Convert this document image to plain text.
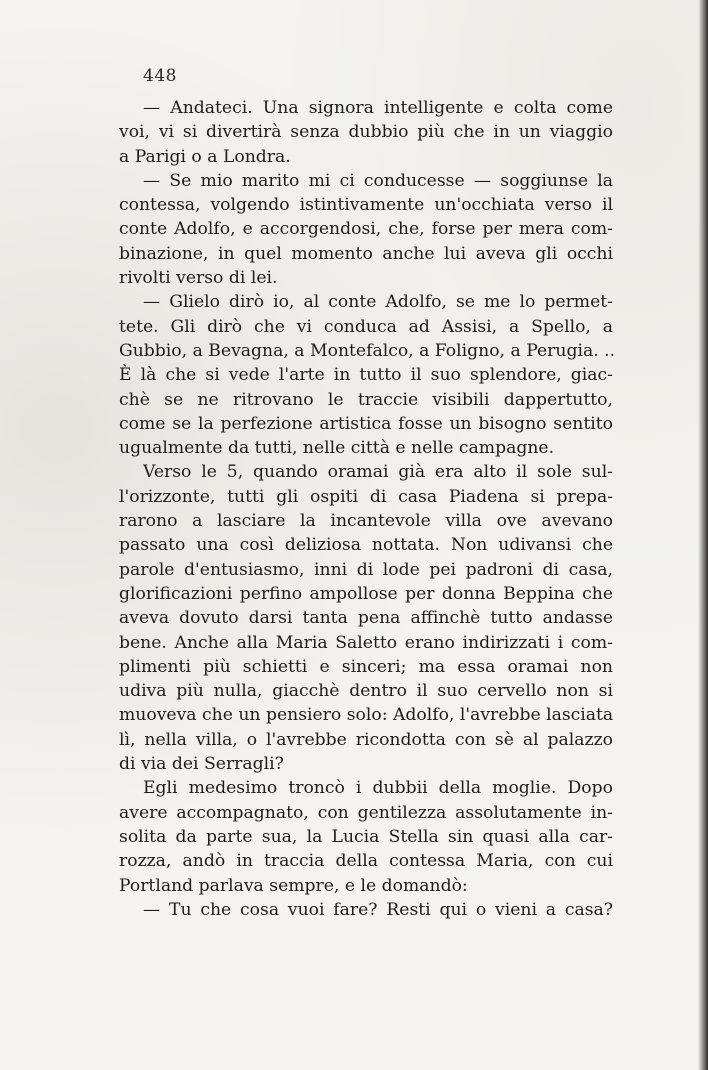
448
— Andateci. Una signora intelligente e colta come
voi, vi si divertirà senza dubbio più che in un viaggio
a Parigi o a Londra.
— Se mio marito mi ci conducesse — soggiunse la
contessa, volgendo istintivamente un'occhiata verso il
conte Adolfo, e accorgendosi, che, forse per mera com-
binazione, in quel momento anche lui aveva gli occhi
rivolti verso di lei.
— Glielo dirò io, al conte Adolfo, se me lo permet-
tete. Gli dirò che vi conduca ad Assisi, a Spello, a
Gubbio, a Bevagna, a Montefalco, a Foligno, a Perugia. ..
È là che si vede l'arte in tutto il suo splendore, giac-
chè se ne ritrovano le traccie visibili dappertutto,
come se la perfezione artistica fosse un bisogno sentito
ugualmente da tutti, nelle città e nelle campagne.
Verso le 5, quando oramai già era alto il sole sul-
l'orizzonte, tutti gli ospiti di casa Piadena si prepa-
rarono a lasciare la incantevole villa ove avevano
passato una così deliziosa nottata. Non udivansi che
parole d'entusiasmo, inni di lode pei padroni di casa,
glorificazioni perfino ampollose per donna Beppina che
aveva dovuto darsi tanta pena affinchè tutto andasse
bene. Anche alla Maria Saletto erano indirizzati i com-
plimenti più schietti e sinceri; ma essa oramai non
udiva più nulla, giacchè dentro il suo cervello non si
muoveva che un pensiero solo: Adolfo, l'avrebbe lasciata
lì, nella villa, o l'avrebbe ricondotta con sè al palazzo
di via dei Serragli?
Egli medesimo troncò i dubbii della moglie. Dopo
avere accompagnato, con gentilezza assolutamente in-
solita da parte sua, la Lucia Stella sin quasi alla car-
rozza, andò in traccia della contessa Maria, con cui
Portland parlava sempre, e le domandò:
— Tu che cosa vuoi fare? Resti qui o vieni a casa?
